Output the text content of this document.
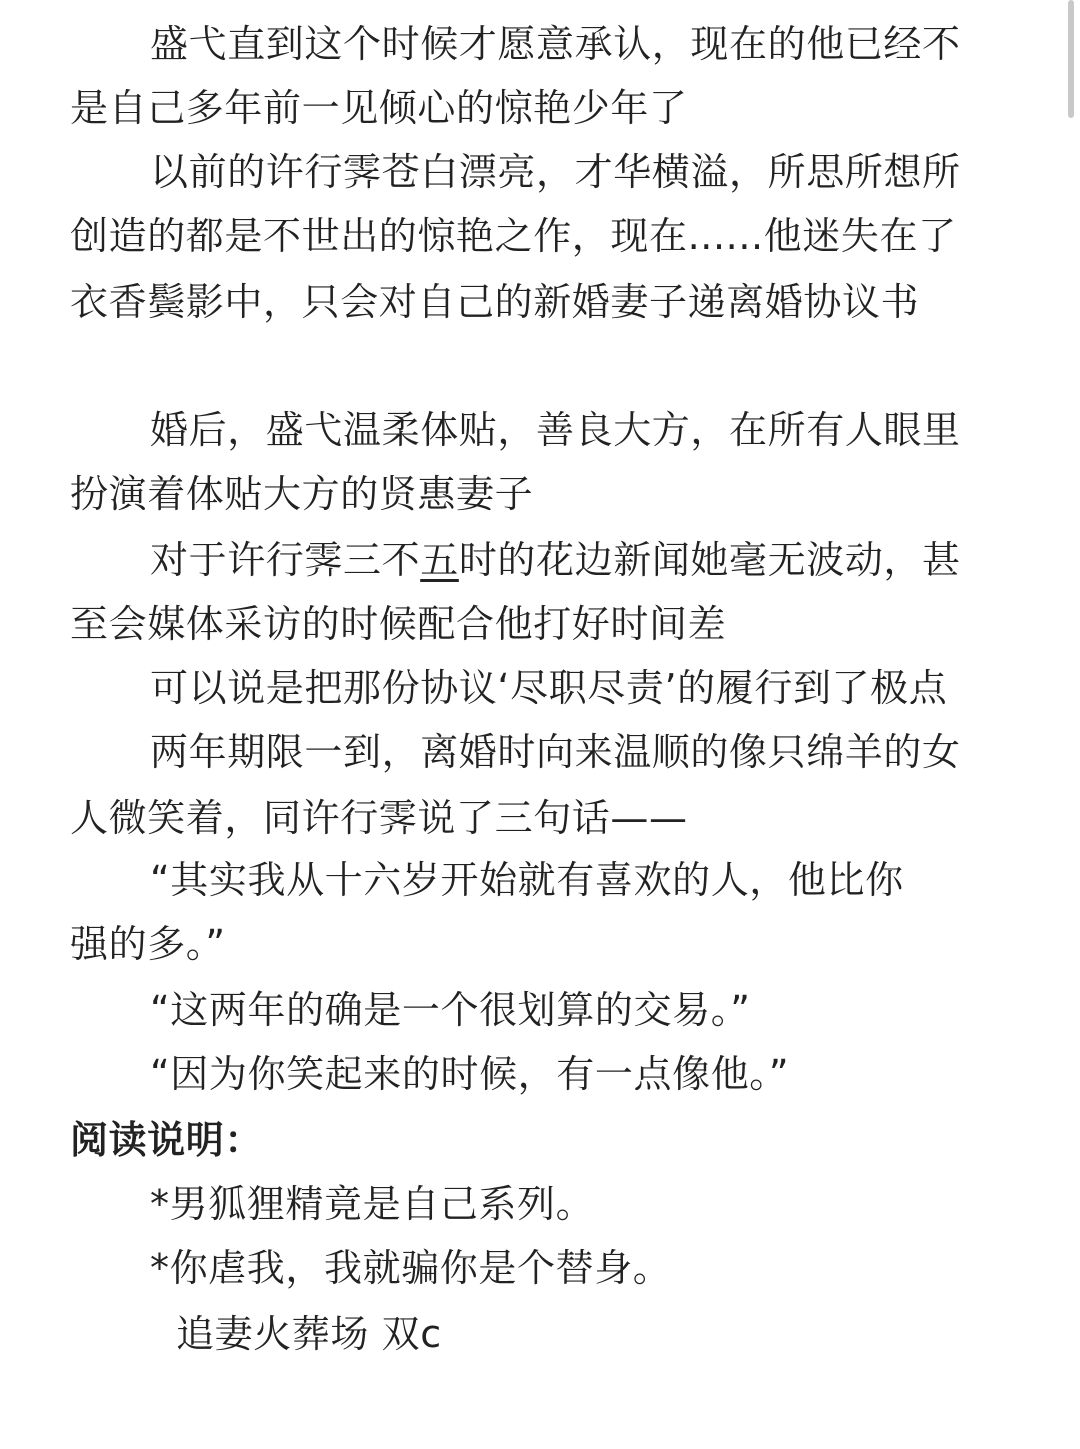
盛弋直到这个时候才愿意承认，现在的他已经不
是自己多年前一见倾心的惊艳少年了
以前的许行霁苍白漂亮，才华横溢，所思所想所
创造的都是不世出的惊艳之作，现在......他迷失在了
衣香鬓影中，只会对自己的新婚妻子递离婚协议书
婚后，盛弋温柔体贴，善良大方，在所有人眼里
扮演着体贴大方的贤惠妻子
对于许行霁三不五时的花边新闻她毫无波动，甚
至会媒体采访的时候配合他打好时间差
可以说是把那份协议‘尽职尽责’的履行到了极点
两年期限一到，离婚时向来温顺的像只绵羊的女
人微笑着，同许行霁说了三句话——
“其实我从十六岁开始就有喜欢的人，他比你
强的多。”
“这两年的确是一个很划算的交易。”
“因为你笑起来的时候，有一点像他。”
阅读说明：
*男狐狸精竟是自己系列。
*你虐我，我就骗你是个替身。
追妻火葬场 双c
